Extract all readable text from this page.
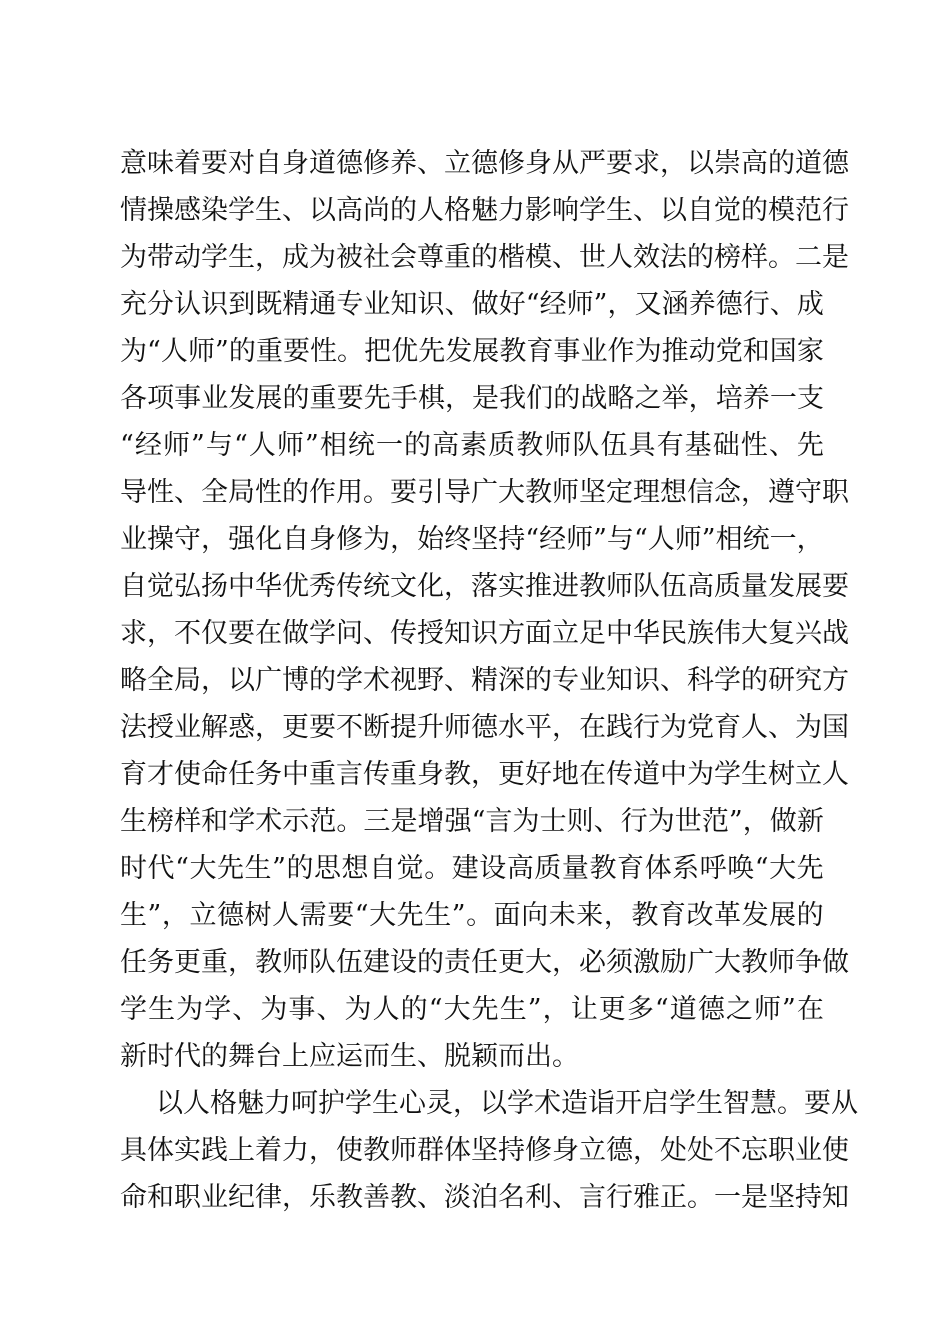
意 味 着 要 对 自 身 道 德 修 养 、 立 德 修 身 从 严 要 求 ， 以 崇 高 的 道 德
情 操 感 染 学 生 、 以 高 尚 的 人 格 魅 力 影 响 学 生 、 以 自 觉 的 模 范 行
为 带 动 学 生 ， 成 为 被 社 会 尊 重 的 楷 模 、 世 人 效 法 的 榜 样 。 二 是
充 分 认 识 到 既 精 通 专 业 知 识 、 做 好 “ 经 师 ” ， 又 涵 养 德 行 、 成
为 “ 人 师 ” 的 重 要 性 。 把 优 先 发 展 教 育 事 业 作 为 推 动 党 和 国 家
各 项 事 业 发 展 的 重 要 先 手 棋 ， 是 我 们 的 战 略 之 举 ， 培 养 一 支
“ 经 师 ” 与 “ 人 师 ” 相 统 一 的 高 素 质 教 师 队 伍 具 有 基 础 性 、 先
导 性 、 全 局 性 的 作 用 。 要 引 导 广 大 教 师 坚 定 理 想 信 念 ， 遵 守 职
业 操 守 ， 强 化 自 身 修 为 ， 始 终 坚 持 “ 经 师 ” 与 “ 人 师 ” 相 统 一 ，
自 觉 弘 扬 中 华 优 秀 传 统 文 化 ， 落 实 推 进 教 师 队 伍 高 质 量 发 展 要
求 ， 不 仅 要 在 做 学 问 、 传 授 知 识 方 面 立 足 中 华 民 族 伟 大 复 兴 战
略 全 局 ， 以 广 博 的 学 术 视 野 、 精 深 的 专 业 知 识 、 科 学 的 研 究 方
法 授 业 解 惑 ， 更 要 不 断 提 升 师 德 水 平 ， 在 践 行 为 党 育 人 、 为 国
育 才 使 命 任 务 中 重 言 传 重 身 教 ， 更 好 地 在 传 道 中 为 学 生 树 立 人
生 榜 样 和 学 术 示 范 。 三 是 增 强 “ 言 为 士 则 、 行 为 世 范 ” ， 做 新
时 代 “ 大 先 生 ” 的 思 想 自 觉 。 建 设 高 质 量 教 育 体 系 呼 唤 “ 大 先
生 ” ， 立 德 树 人 需 要 “ 大 先 生 ” 。 面 向 未 来 ， 教 育 改 革 发 展 的
任 务 更 重 ， 教 师 队 伍 建 设 的 责 任 更 大 ， 必 须 激 励 广 大 教 师 争 做
学 生 为 学 、 为 事 、 为 人 的 “ 大 先 生 ” ， 让 更 多 “ 道 德 之 师 ” 在
新时代的舞台上应运而生、脱颖而出。
以 人 格 魅 力 呵 护 学 生 心 灵 ， 以 学 术 造 诣 开 启 学 生 智 慧 。 要 从
具 体 实 践 上 着 力 ， 使 教 师 群 体 坚 持 修 身 立 德 ， 处 处 不 忘 职 业 使
命 和 职 业 纪 律 ， 乐 教 善 教 、 淡 泊 名 利 、 言 行 雅 正 。 一 是 坚 持 知
